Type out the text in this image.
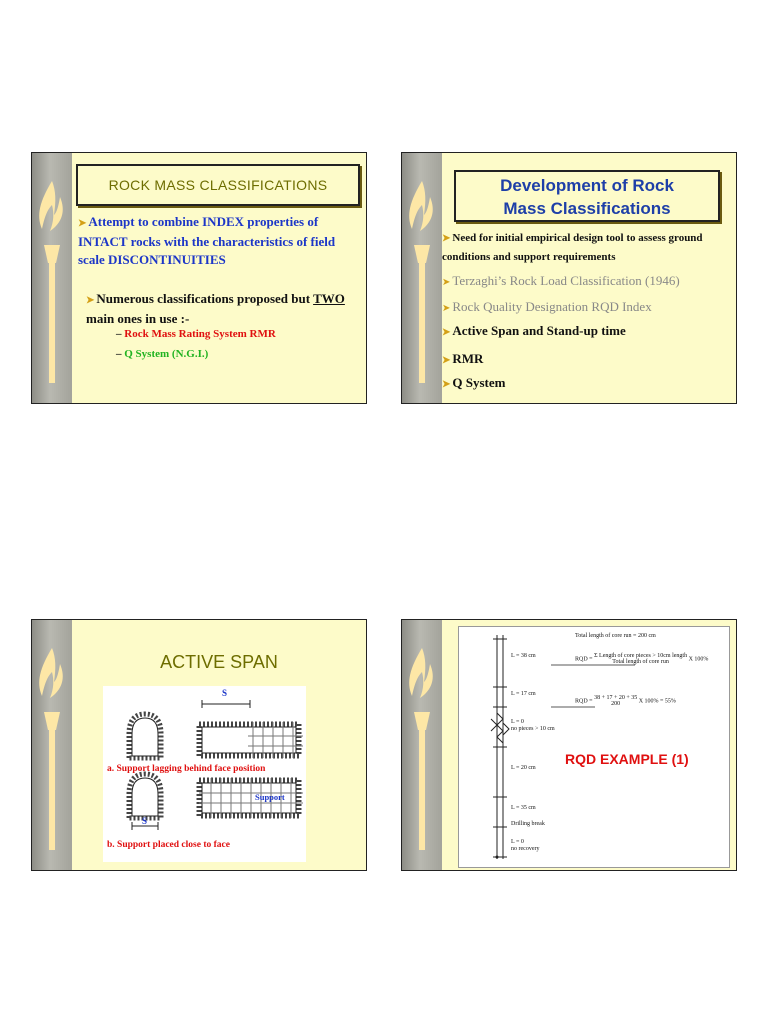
ROCK MASS CLASSIFICATIONS
➤ Attempt to combine INDEX properties of INTACT rocks with the characteristics of field scale DISCONTINUITIES
➤ Numerous classifications proposed but TWO main ones in use :-
– Rock Mass Rating System RMR
– Q System (N.G.I.)
Development of Rock
Mass Classifications
➤ Need for initial empirical design tool to assess ground conditions and support requirements
➤ Terzaghi’s Rock Load Classification (1946)
➤ Rock Quality Designation RQD Index
➤ Active Span and Stand-up time
➤ RMR
➤ Q System
ACTIVE SPAN
S
a. Support lagging behind face position
Support
S
b. Support placed close to face
Total length of core run = 200 cm
RQD =
Σ Length of core pieces > 10cm length
Total length of core run	X 100%
RQD =
38 + 17 + 20 + 35
200	X 100% = 55%
L = 38 cm
L = 17 cm
L = 0
no pieces > 10 cm
L = 20 cm
L = 35 cm
Drilling break
L = 0
no recovery
RQD EXAMPLE (1)
